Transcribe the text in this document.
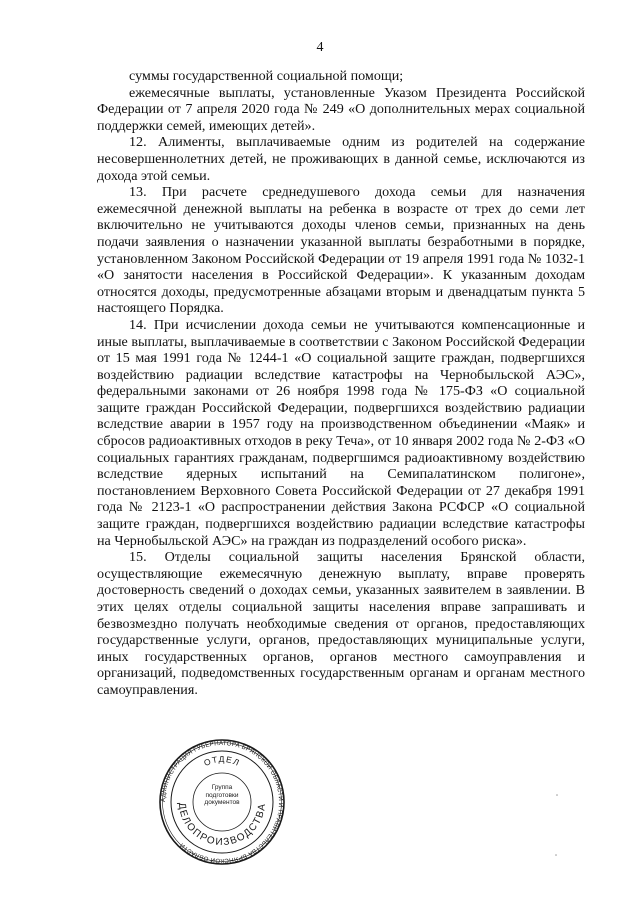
4

суммы государственной социальной помощи;

ежемесячные выплаты, установленные Указом Президента Российской Федерации от 7 апреля 2020 года № 249 «О дополнительных мерах социальной поддержки семей, имеющих детей».

12. Алименты, выплачиваемые одним из родителей на содержание несовершеннолетних детей, не проживающих в данной семье, исключаются из дохода этой семьи.

13. При расчете среднедушевого дохода семьи для назначения ежемесячной денежной выплаты на ребенка в возрасте от трех до семи лет включительно не учитываются доходы членов семьи, признанных на день подачи заявления о назначении указанной выплаты безработными в порядке, установленном Законом Российской Федерации от 19 апреля 1991 года № 1032-1 «О занятости населения в Российской Федерации». К указанным доходам относятся доходы, предусмотренные абзацами вторым и двенадцатым пункта 5 настоящего Порядка.

14. При исчислении дохода семьи не учитываются компенсационные и иные выплаты, выплачиваемые в соответствии с Законом Российской Федерации от 15 мая 1991 года № 1244-1 «О социальной защите граждан, подвергшихся воздействию радиации вследствие катастрофы на Чернобыльской АЭС», федеральными законами от 26 ноября 1998 года № 175-ФЗ «О социальной защите граждан Российской Федерации, подвергшихся воздействию радиации вследствие аварии в 1957 году на производственном объединении «Маяк» и сбросов радиоактивных отходов в реку Теча», от 10 января 2002 года № 2-ФЗ «О социальных гарантиях гражданам, подвергшимся радиоактивному воздействию вследствие ядерных испытаний на Семипалатинском полигоне», постановлением Верховного Совета Российской Федерации от 27 декабря 1991 года № 2123-1 «О распространении действия Закона РСФСР «О социальной защите граждан, подвергшихся воздействию радиации вследствие катастрофы на Чернобыльской АЭС» на граждан из подразделений особого риска».

15. Отделы социальной защиты населения Брянской области, осуществляющие ежемесячную денежную выплату, вправе проверять достоверность сведений о доходах семьи, указанных заявителем в заявлении. В этих целях отделы социальной защиты населения вправе запрашивать и безвозмездно получать необходимые сведения от органов, предоставляющих государственные услуги, органов, предоставляющих муниципальные услуги, иных государственных органов, органов местного самоуправления и организаций, подведомственных государственным органам и органам местного самоуправления.

АДМИНИСТРАЦИЯ ГУБЕРНАТОРА БРЯНСКОЙ ОБЛАСТИ И ПРАВИТЕЛЬСТВА БРЯНСКОЙ ОБЛАСТИ
ОТДЕЛ
ДЕЛОПРОИЗВОДСТВА
Группа
подготовки
документов
